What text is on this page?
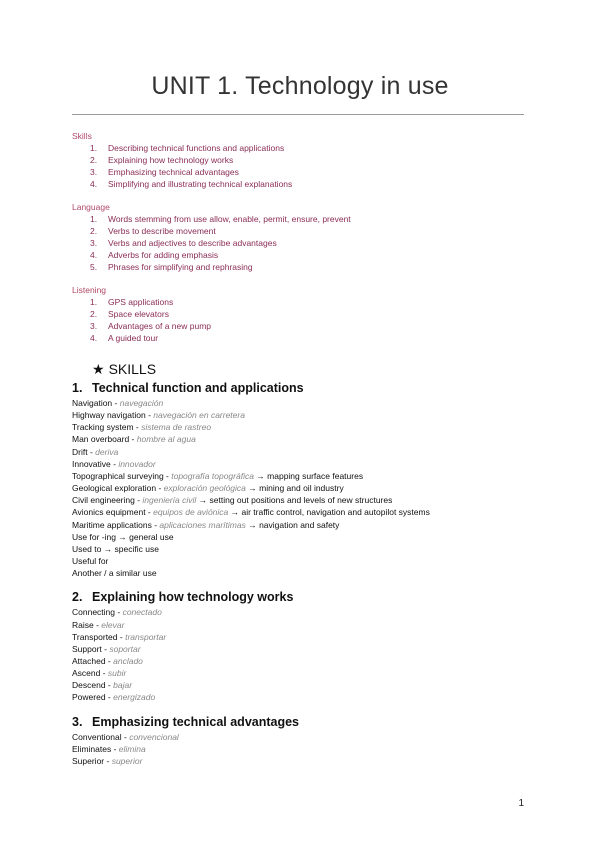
UNIT 1. Technology in use
Skills
1. Describing technical functions and applications
2. Explaining how technology works
3. Emphasizing technical advantages
4. Simplifying and illustrating technical explanations
Language
1. Words stemming from use allow, enable, permit, ensure, prevent
2. Verbs to describe movement
3. Verbs and adjectives to describe advantages
4. Adverbs for adding emphasis
5. Phrases for simplifying and rephrasing
Listening
1. GPS applications
2. Space elevators
3. Advantages of a new pump
4. A guided tour
★ SKILLS
1. Technical function and applications
Navigation - navegación
Highway navigation - navegación en carretera
Tracking system - sistema de rastreo
Man overboard - hombre al agua
Drift - deriva
Innovative - innovador
Topographical surveying - topografía topográfica → mapping surface features
Geological exploration - exploración geológica → mining and oil industry
Civil engineering - ingeniería civil → setting out positions and levels of new structures
Avionics equipment - equipos de aviónica → air traffic control, navigation and autopilot systems
Maritime applications - aplicaciones marítimas → navigation and safety
Use for -ing → general use
Used to → specific use
Useful for
Another / a similar use
2. Explaining how technology works
Connecting - conectado
Raise - elevar
Transported - transportar
Support - soportar
Attached - anclado
Ascend - subir
Descend - bajar
Powered - energizado
3. Emphasizing technical advantages
Conventional - convencional
Eliminates - elimina
Superior - superior
1
